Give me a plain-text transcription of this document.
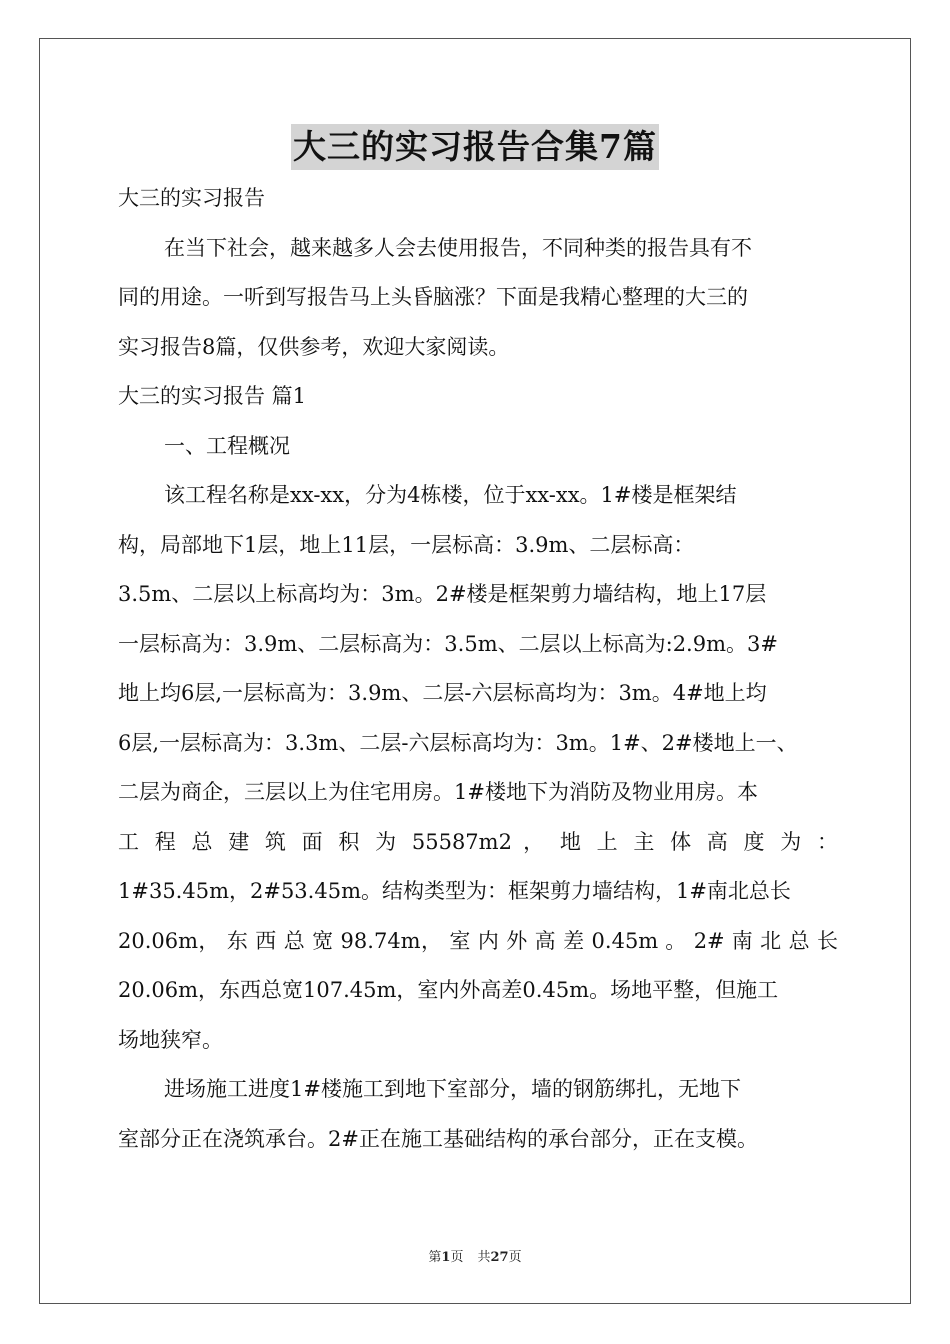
大三的实习报告合集7篇
大三的实习报告
在当下社会，越来越多人会去使用报告，不同种类的报告具有不
同的用途。一听到写报告马上头昏脑涨？下面是我精心整理的大三的
实习报告8篇，仅供参考，欢迎大家阅读。
大三的实习报告 篇1
一、工程概况
该工程名称是xx-xx，分为4栋楼，位于xx-xx。1#楼是框架结
构，局部地下1层，地上11层，一层标高：3.9m、二层标高：
3.5m、二层以上标高均为：3m。2#楼是框架剪力墙结构，地上17层
一层标高为：3.9m、二层标高为：3.5m、二层以上标高为:2.9m。3#
地上均6层,一层标高为：3.9m、二层-六层标高均为：3m。4#地上均
6层,一层标高为：3.3m、二层-六层标高均为：3m。1#、2#楼地上一、
二层为商企，三层以上为住宅用房。1#楼地下为消防及物业用房。本
工 程 总 建 筑 面 积 为 55587m2 ， 地 上 主 体 高 度 为 ：
1#35.45m，2#53.45m。结构类型为：框架剪力墙结构，1#南北总长
20.06m， 东 西 总 宽 98.74m， 室 内 外 高 差 0.45m 。 2# 南 北 总 长
20.06m，东西总宽107.45m，室内外高差0.45m。场地平整，但施工
场地狭窄。
进场施工进度1#楼施工到地下室部分，墙的钢筋绑扎，无地下
室部分正在浇筑承台。2#正在施工基础结构的承台部分，正在支模。
第1页 共27页
